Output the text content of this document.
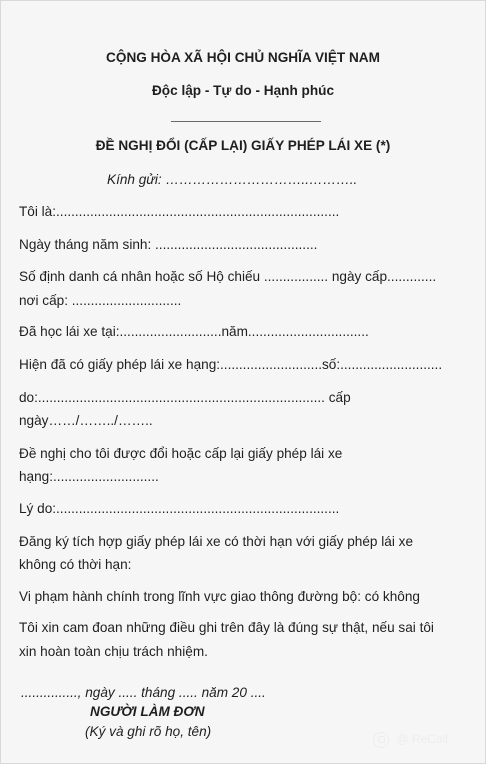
CỘNG HÒA XÃ HỘI CHỦ NGHĨA VIỆT NAM
Độc lập - Tự do - Hạnh phúc
ĐỀ NGHỊ ĐỔI (CẤP LẠI) GIẤY PHÉP LÁI XE (*)
Kính gửi: …………………………..………..
Tôi là:...........................................................................
Ngày tháng năm sinh: ...........................................
Số định danh cá nhân hoặc số Hộ chiếu ................. ngày cấp.............
nơi cấp: .............................
Đã học lái xe tại:...........................năm................................
Hiện đã có giấy phép lái xe hạng:...........................số:...........................
do:............................................................................ cấp
ngày……/……../……..
Đề nghị cho tôi được đổi hoặc cấp lại giấy phép lái xe
hạng:............................
Lý do:...........................................................................
Đăng ký tích hợp giấy phép lái xe có thời hạn với giấy phép lái xe
không có thời hạn:
Vi phạm hành chính trong lĩnh vực giao thông đường bộ: có không
Tôi xin cam đoan những điều ghi trên đây là đúng sự thật, nếu sai tôi
xin hoàn toàn chịu trách nhiệm.
..............., ngày ..... tháng ..... năm 20 ....
NGƯỜI LÀM ĐƠN
(Ký và ghi rõ họ, tên)
@ ReCall
